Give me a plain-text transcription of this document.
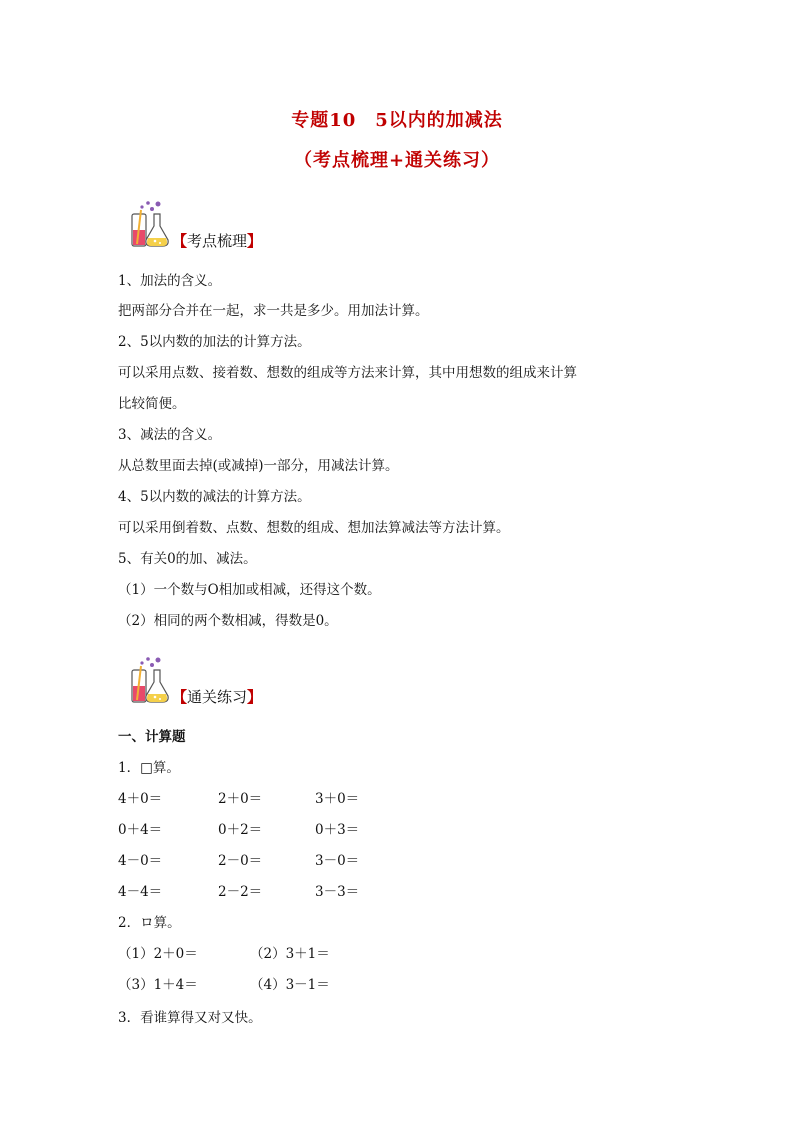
专题10　5以内的加减法
（考点梳理+通关练习）
【考点梳理】
1、加法的含义。
把两部分合并在一起，求一共是多少。用加法计算。
2、5以内数的加法的计算方法。
可以采用点数、接着数、想数的组成等方法来计算，其中用想数的组成来计算
比较简便。
3、减法的含义。
从总数里面去掉(或减掉)一部分，用减法计算。
4、5以内数的减法的计算方法。
可以采用倒着数、点数、想数的组成、想加法算减法等方法计算。
5、有关0的加、减法。
（1）一个数与O相加或相减，还得这个数。
（2）相同的两个数相减，得数是0。
【通关练习】
一、计算题
1．□算。
4＋0＝	2＋0＝	3＋0＝
0＋4＝	0＋2＝	0＋3＝
4－0＝	2－0＝	3－0＝
4－4＝	2－2＝	3－3＝
2．ロ算。
（1）2＋0＝	（2）3＋1＝
（3）1＋4＝	（4）3－1＝
3．看谁算得又对又快。
